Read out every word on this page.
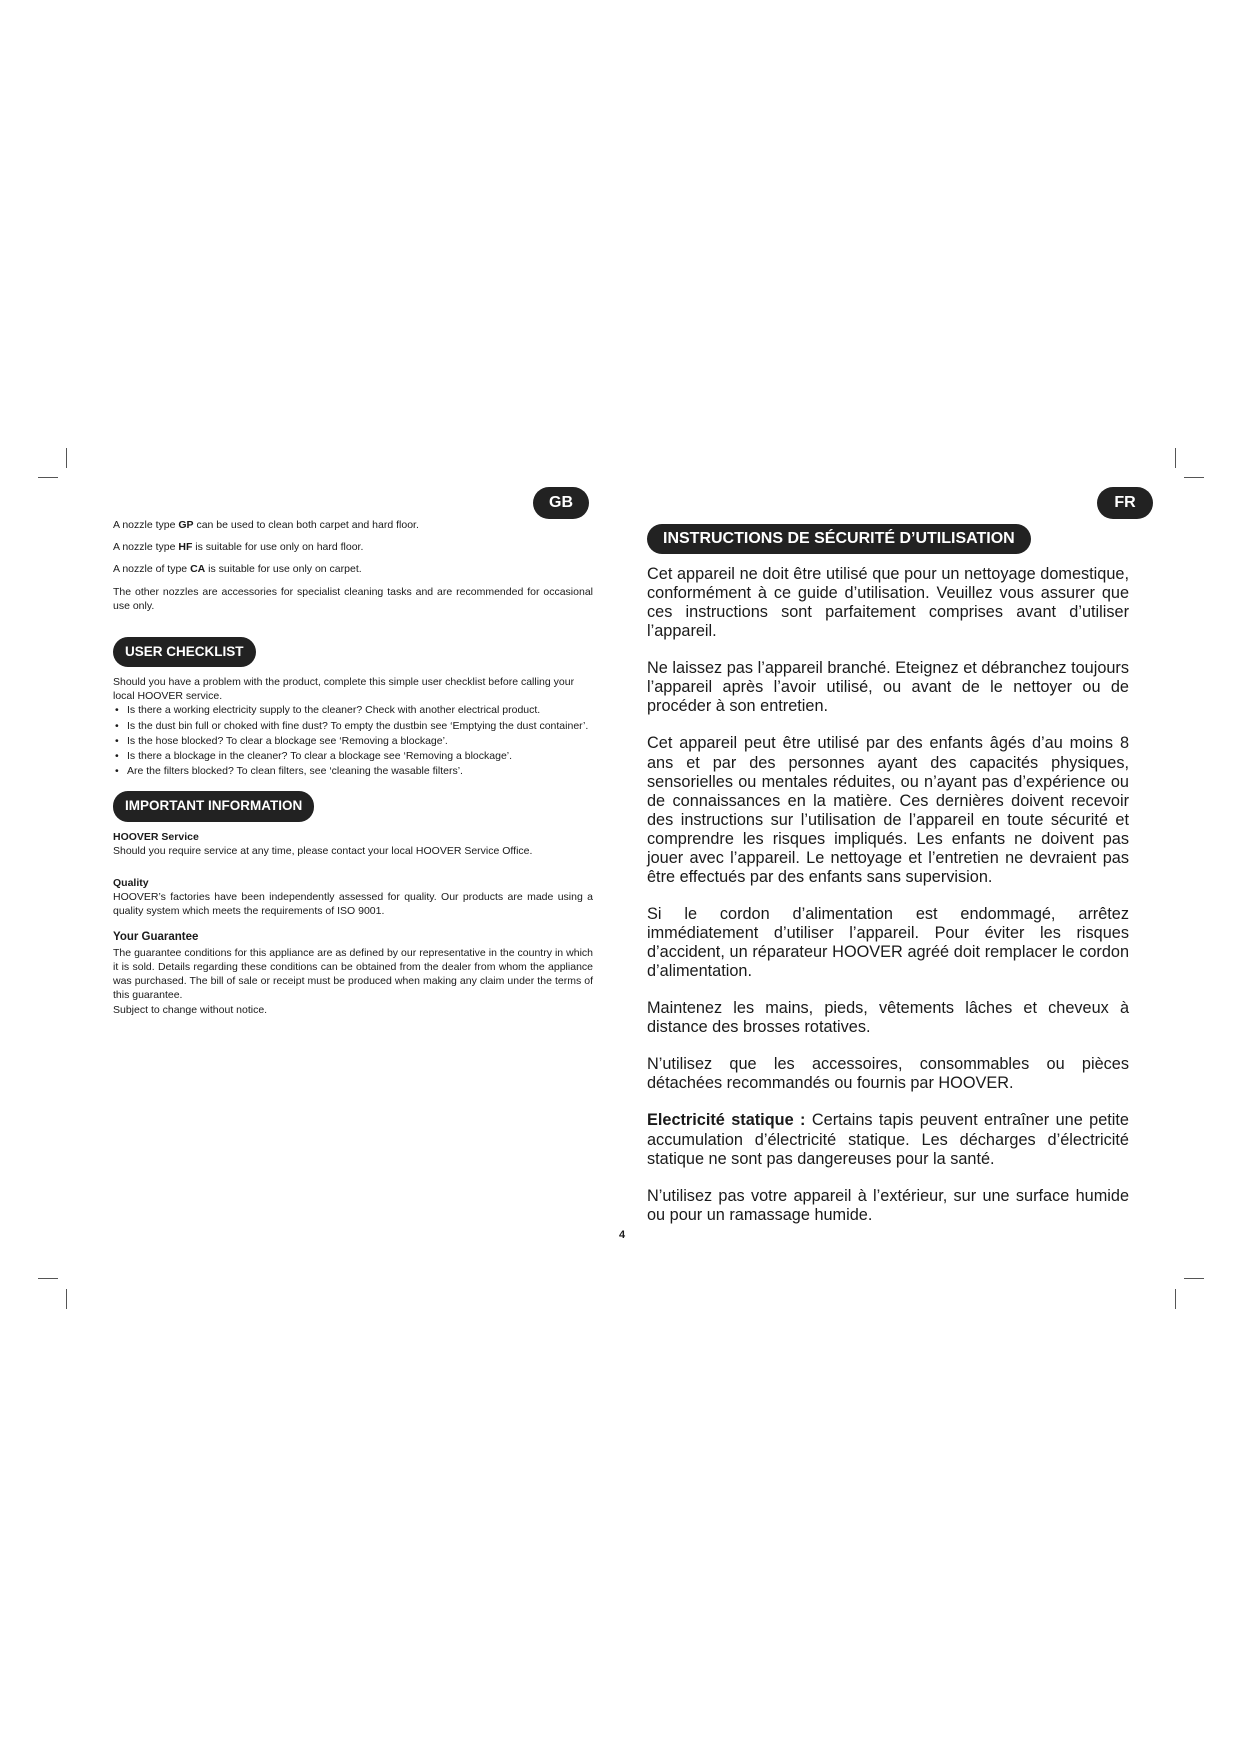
GB	FR

A nozzle type GP can be used to clean both carpet and hard floor.

A nozzle type HF is suitable for use only on hard floor.

A nozzle of type CA is suitable for use only on carpet.

The other nozzles are accessories for specialist cleaning tasks and are recommended for occasional use only.

USER CHECKLIST

Should you have a problem with the product, complete this simple user checklist before calling your local HOOVER service.

• Is there a working electricity supply to the cleaner? Check with another electrical product.
• Is the dust bin full or choked with fine dust? To empty the dustbin see ‘Emptying the dust container’.
• Is the hose blocked? To clear a blockage see ‘Removing a blockage’.
• Is there a blockage in the cleaner? To clear a blockage see ‘Removing a blockage’.
• Are the filters blocked? To clean filters, see ‘cleaning the wasable filters’.
IMPORTANT INFORMATION
HOOVER Service
Should you require service at any time, please contact your local HOOVER Service Office.
Quality
HOOVER’s factories have been independently assessed for quality. Our products are made using a quality system which meets the requirements of ISO 9001.
Your Guarantee
The guarantee conditions for this appliance are as defined by our representative in the country in which it is sold. Details regarding these conditions can be obtained from the dealer from whom the appliance was purchased. The bill of sale or receipt must be produced when making any claim under the terms of this guarantee.
Subject to change without notice.
INSTRUCTIONS DE SÉCURITÉ D’UTILISATION

Cet appareil ne doit être utilisé que pour un nettoyage domestique, conformément à ce guide d’utilisation. Veuillez vous assurer que ces instructions sont parfaitement comprises avant d’utiliser l’appareil.

Ne laissez pas l’appareil branché. Eteignez et débranchez toujours l’appareil après l’avoir utilisé, ou avant de le nettoyer ou de procéder à son entretien.

Cet appareil peut être utilisé par des enfants âgés d’au moins 8 ans et par des personnes ayant des capacités physiques, sensorielles ou mentales réduites, ou n’ayant pas d’expérience ou de connaissances en la matière. Ces dernières doivent recevoir des instructions sur l’utilisation de l’appareil en toute sécurité et comprendre les risques impliqués. Les enfants ne doivent pas jouer avec l’appareil. Le nettoyage et l’entretien ne devraient pas être effectués par des enfants sans supervision.

Si le cordon d’alimentation est endommagé, arrêtez immédiatement d’utiliser l’appareil. Pour éviter les risques d’accident, un réparateur HOOVER agréé doit remplacer le cordon d’alimentation.

Maintenez les mains, pieds, vêtements lâches et cheveux à distance des brosses rotatives.

N’utilisez que les accessoires, consommables ou pièces détachées recommandés ou fournis par HOOVER.

Electricité statique : Certains tapis peuvent entraîner une petite accumulation d’électricité statique. Les décharges d’électricité statique ne sont pas dangereuses pour la santé.

N’utilisez pas votre appareil à l’extérieur, sur une surface humide ou pour un ramassage humide.

4
